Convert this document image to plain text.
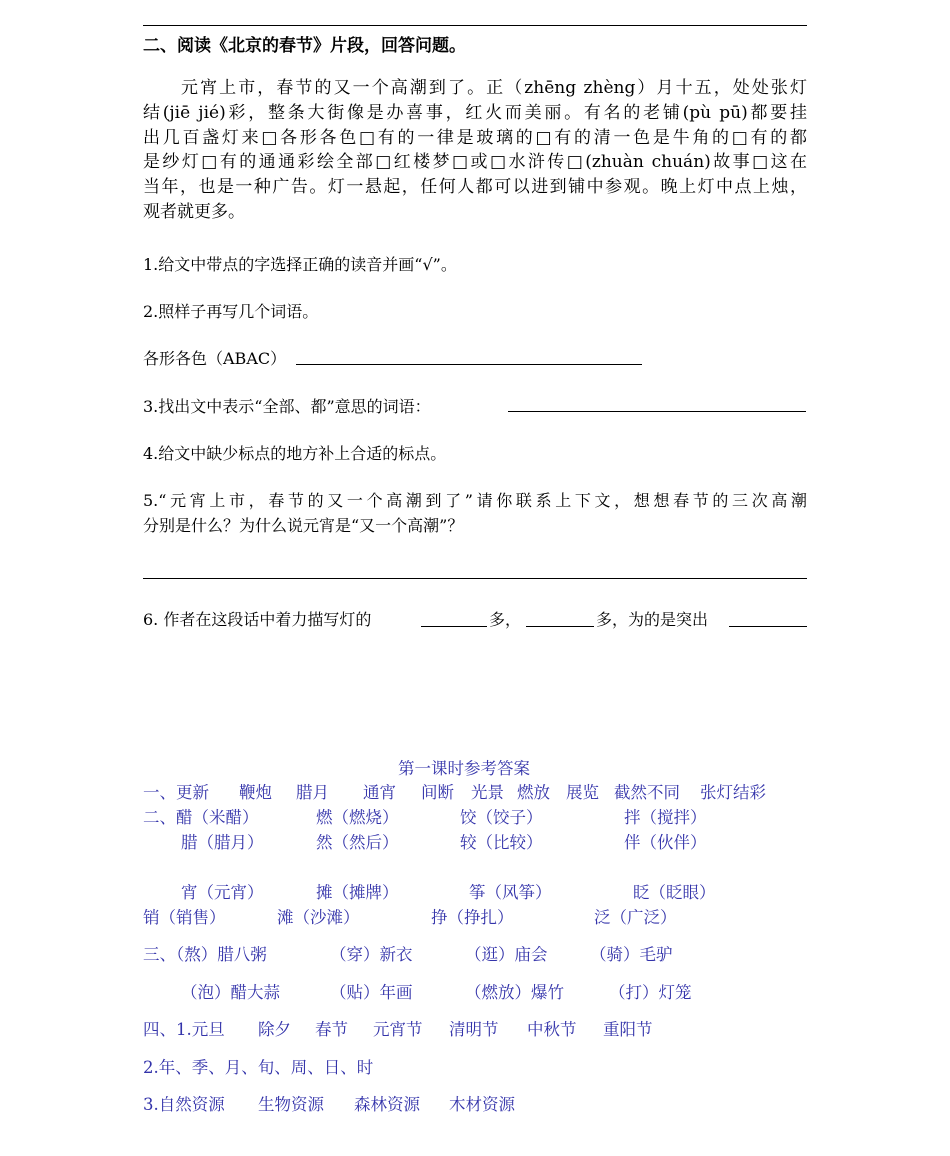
二、阅读《北京的春节》片段，回答问题。
元宵上市，春节的又一个高潮到了。正（zhēng zhèng）月十五，处处张灯
结(jiē jié)彩，整条大街像是办喜事，红火而美丽。有名的老铺(pù pū)都要挂
出几百盏灯来□各形各色□有的一律是玻璃的□有的清一色是牛角的□有的都
是纱灯□有的通通彩绘全部□红楼梦□或□水浒传□(zhuàn chuán)故事□这在
当年，也是一种广告。灯一悬起，任何人都可以进到铺中参观。晚上灯中点上烛，
观者就更多。
1.给文中带点的字选择正确的读音并画“√”。
2.照样子再写几个词语。
各形各色（ABAC）
3.找出文中表示“全部、都”意思的词语：
4.给文中缺少标点的地方补上合适的标点。
5.“元宵上市，春节的又一个高潮到了”请你联系上下文，想想春节的三次高潮
分别是什么？为什么说元宵是“又一个高潮”？
6. 作者在这段话中着力描写灯的	多，	多，为的是突出
第一课时参考答案
一、更新 鞭炮 腊月 通宵 间断 光景 燃放 展览 截然不同 张灯结彩
二、醋（米醋）	燃（燃烧）	饺（饺子）	拌（搅拌）
腊（腊月）	然（然后）	较（比较）	伴（伙伴）
宵（元宵）	摊（摊牌）	筝（风筝）	眨（眨眼）
销（销售）	滩（沙滩）	挣（挣扎）	泛（广泛）
三、（熬）腊八粥	（穿）新衣	（逛）庙会	（骑）毛驴
（泡）醋大蒜	（贴）年画	（燃放）爆竹	（打）灯笼
四、1.元旦 除夕 春节 元宵节 清明节 中秋节 重阳节
2.年、季、月、旬、周、日、时
3.自然资源 生物资源 森林资源 木材资源
